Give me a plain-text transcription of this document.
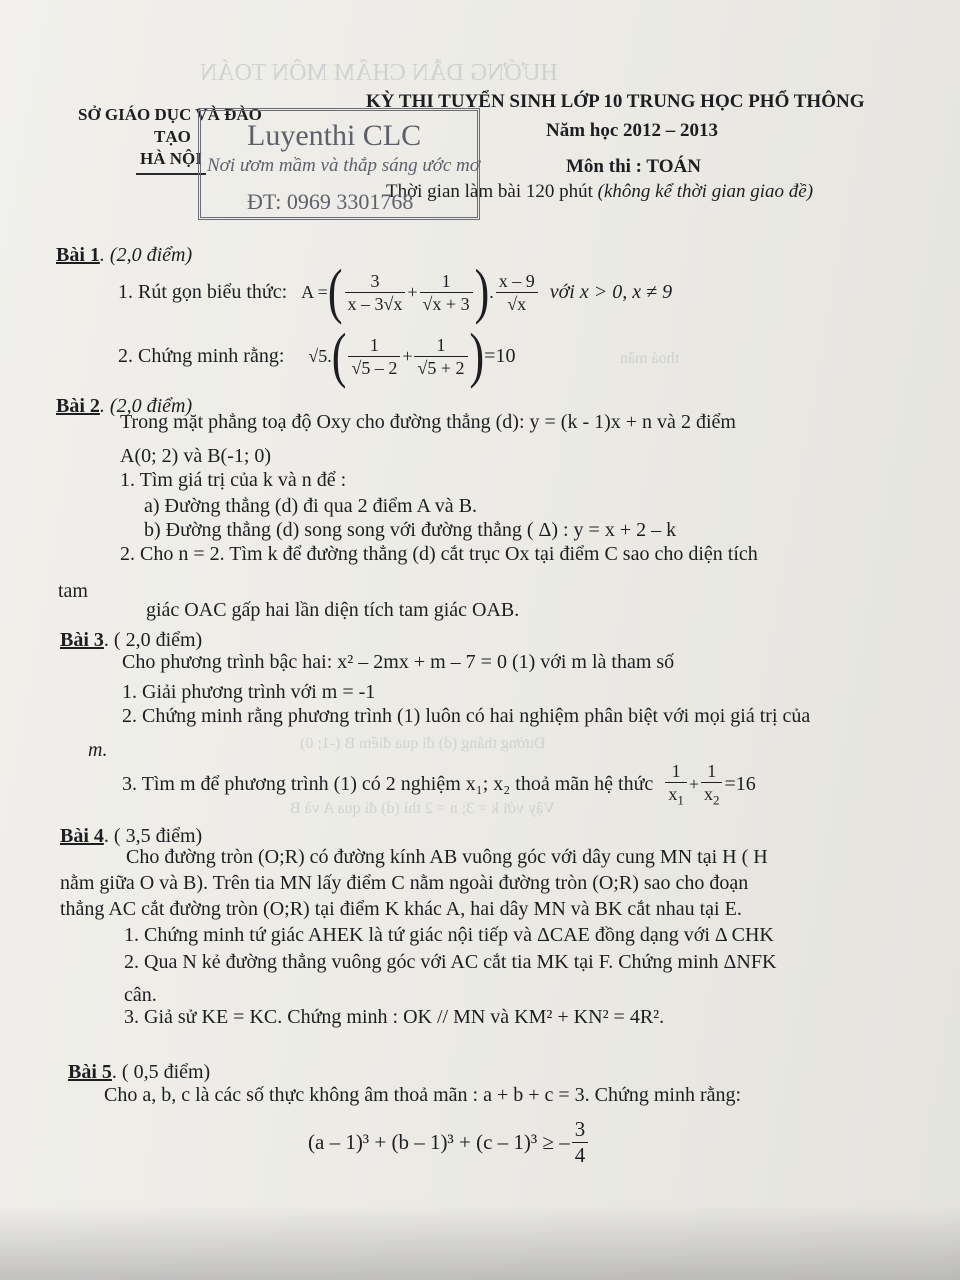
HƯỚNG DẪN CHẤM MÔN TOÁN
thoả mãn
Đường thẳng (d) đi qua điểm B (-1; 0)
Vậy với k = 3; n = 2 thì (d) đi qua A và B
SỞ GIÁO DỤC VÀ ĐÀO
TẠO
HÀ NỘI
KỲ THI TUYỂN SINH LỚP 10 TRUNG HỌC PHỔ THÔNG
Năm học 2012 – 2013
Môn thi : TOÁN
Thời gian làm bài 120 phút (không kể thời gian giao đề)
Luyenthi CLC
Nơi ươm mầm và thắp sáng ước mơ
ĐT: 0969 3301768
Bài 1. (2,0 điểm)
1. Rút gọn biểu thức: A = ( $\frac{3}{x - 3√x} + \frac{1}{√x + 3}$ ) . $\frac{x - 9}{√x}$ với x > 0, x ≠ 9
2. Chứng minh rằng: √5. ( $\frac{1}{√5 - 2} + \frac{1}{√5 + 2}$ ) =10
Bài 2. (2,0 điểm)
Trong mặt phẳng toạ độ Oxy cho đường thẳng (d): y = (k - 1)x + n và 2 điểm
A(0; 2) và B(-1; 0)
1. Tìm giá trị của k và n để :
a) Đường thẳng (d) đi qua 2 điểm A và B.
b) Đường thẳng (d) song song với đường thẳng ( Δ) : y = x + 2 – k
2. Cho n = 2. Tìm k để đường thẳng (d) cắt trục Ox tại điểm C sao cho diện tích
tam
giác OAC gấp hai lần diện tích tam giác OAB.
Bài 3. ( 2,0 điểm)
Cho phương trình bậc hai: x² – 2mx + m – 7 = 0 (1) với m là tham số
1. Giải phương trình với m = -1
2. Chứng minh rằng phương trình (1) luôn có hai nghiệm phân biệt với mọi giá trị của
m.
3. Tìm m để phương trình (1) có 2 nghiệm x₁; x₂ thoả mãn hệ thức $\frac{1}{x_1} + \frac{1}{x_2} =16$
Bài 4. ( 3,5 điểm)
Cho đường tròn (O;R) có đường kính AB vuông góc với dây cung MN tại H ( H
nằm giữa O và B). Trên tia MN lấy điểm C nằm ngoài đường tròn (O;R) sao cho đoạn
thẳng AC cắt đường tròn (O;R) tại điểm K khác A, hai dây MN và BK cắt nhau tại E.
1. Chứng minh tứ giác AHEK là tứ giác nội tiếp và ΔCAE đồng dạng với Δ CHK
2. Qua N kẻ đường thẳng vuông góc với AC cắt tia MK tại F. Chứng minh ΔNFK
cân.
3. Giả sử KE = KC. Chứng minh : OK // MN và KM² + KN² = 4R².
Bài 5. ( 0,5 điểm)
Cho a, b, c là các số thực không âm thoả mãn : a + b + c = 3. Chứng minh rằng:
(a – 1)³ + (b – 1)³ + (c – 1)³ ≥ – $\frac{3}{4}$
